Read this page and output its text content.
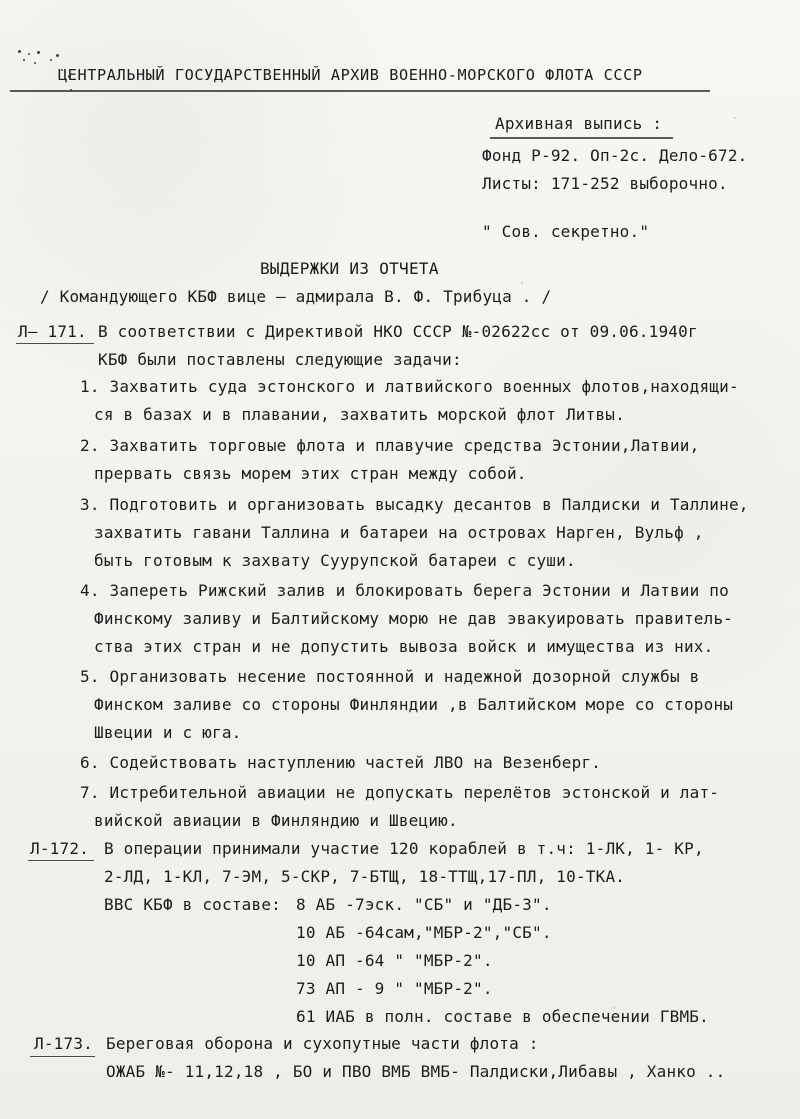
ЦЕНТРАЛЬНЫЙ ГОСУДАРСТВЕННЫЙ АРХИВ ВОЕННО-МОРСКОГО ФЛОТА СССР
Архивная выпись :
Фонд Р-92. Оп-2с. Дело-672.
Листы: 171-252 выборочно.
" Сов. секретно."
ВЫДЕРЖКИ ИЗ ОТЧЕТА
/ Командующего КБФ вице – адмирала В. Ф. Трибуца . /
Л– 171. В соответствии с Директивой НКО СССР №-02622сс от 09.06.1940г
КБФ были поставлены следующие задачи:
1. Захватить суда эстонского и латвийского военных флотов,находящи-
ся в базах и в плавании, захватить морской флот Литвы.
2. Захватить торговые флота и плавучие средства Эстонии,Латвии,
прервать связь морем этих стран между собой.
3. Подготовить и организовать высадку десантов в Палдиски и Таллине,
захватить гавани Таллина и батареи на островах Нарген, Вульф ,
быть готовым к захвату Суурупской батареи с суши.
4. Запереть Рижский залив и блокировать берега Эстонии и Латвии по
Финскому заливу и Балтийскому морю не дав эвакуировать правитель-
ства этих стран и не допустить вывоза войск и имущества из них.
5. Организовать несение постоянной и надежной дозорной службы в
Финском заливе со стороны Финляндии ,в Балтийском море со стороны
Швеции и с юга.
6. Содействовать наступлению частей ЛВО на Везенберг.
7. Истребительной авиации не допускать перелётов эстонской и лат-
вийской авиации в Финляндию и Швецию.
Л-172. В операции принимали участие 120 кораблей в т.ч: 1-ЛК, 1- КР,
2-ЛД, 1-КЛ, 7-ЭМ, 5-СКР, 7-БТЩ, 18-ТТЩ,17-ПЛ, 10-ТКА.
ВВС КБФ в составе: 8 АБ -7эск. "СБ" и "ДБ-3".
10 АБ -64сам,"МБР-2","СБ".
10 АП -64 " "МБР-2".
73 АП - 9 " "МБР-2".
61 ИАБ в полн. составе в обеспечении ГВМБ.
Л-173. Береговая оборона и сухопутные части флота :
ОЖАБ №- 11,12,18 , БО и ПВО ВМБ ВМБ- Палдиски,Либавы , Ханко ..
